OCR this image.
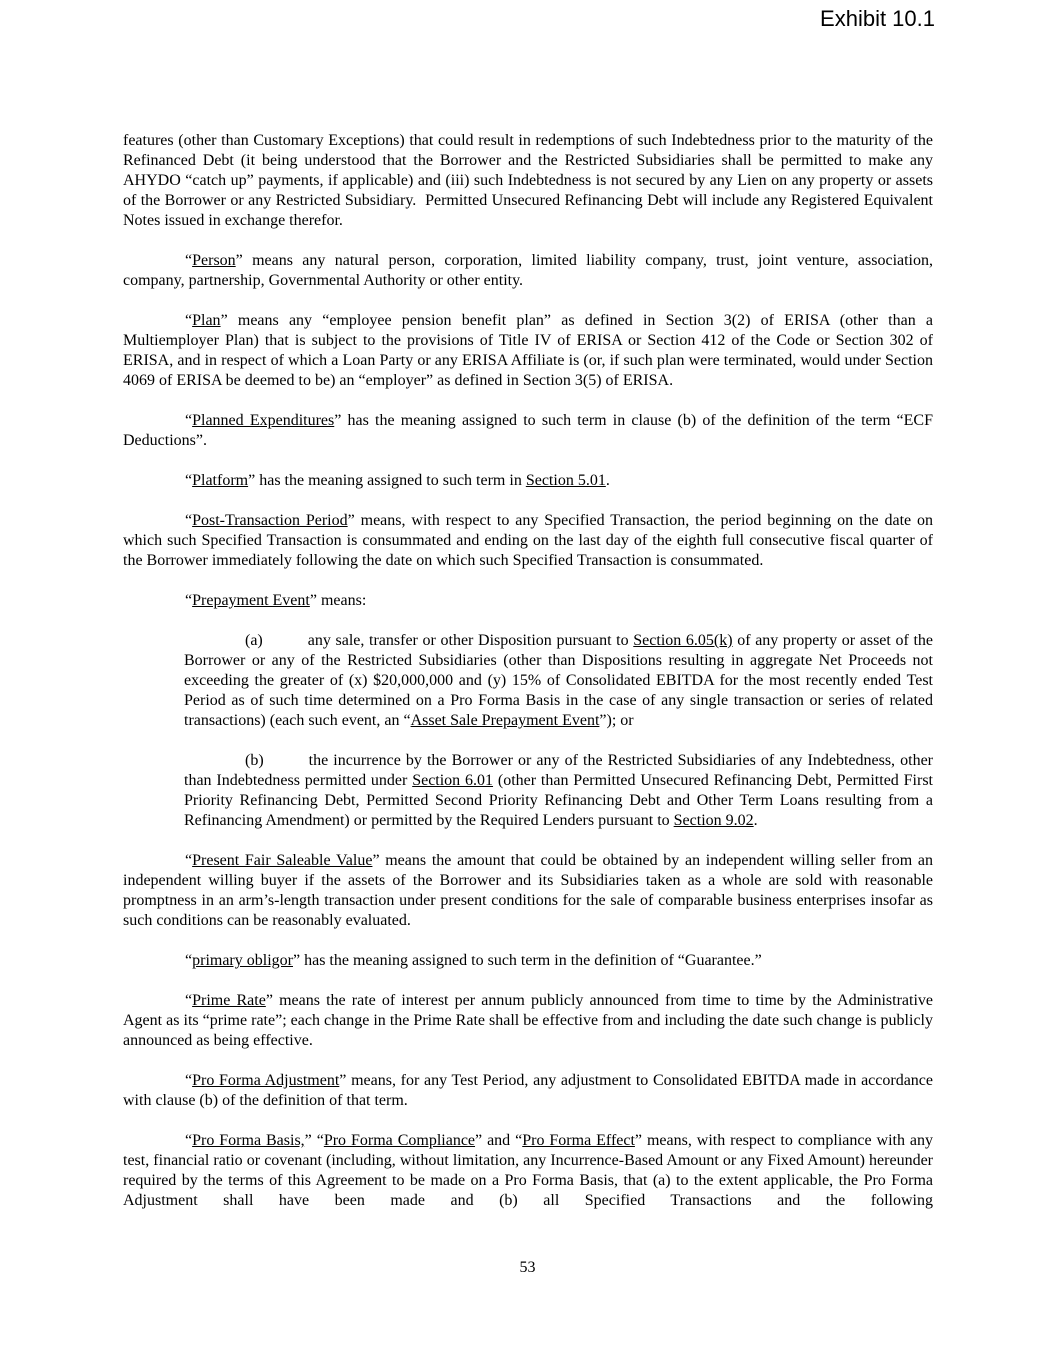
Exhibit 10.1

features (other than Customary Exceptions) that could result in redemptions of such Indebtedness prior to the maturity of the Refinanced Debt (it being understood that the Borrower and the Restricted Subsidiaries shall be permitted to make any AHYDO “catch up” payments, if applicable) and (iii) such Indebtedness is not secured by any Lien on any property or assets of the Borrower or any Restricted Subsidiary.  Permitted Unsecured Refinancing Debt will include any Registered Equivalent Notes issued in exchange therefor.

“Person” means any natural person, corporation, limited liability company, trust, joint venture, association, company, partnership, Governmental Authority or other entity.

“Plan” means any “employee pension benefit plan” as defined in Section 3(2) of ERISA (other than a Multiemployer Plan) that is subject to the provisions of Title IV of ERISA or Section 412 of the Code or Section 302 of ERISA, and in respect of which a Loan Party or any ERISA Affiliate is (or, if such plan were terminated, would under Section 4069 of ERISA be deemed to be) an “employer” as defined in Section 3(5) of ERISA.

“Planned Expenditures” has the meaning assigned to such term in clause (b) of the definition of the term “ECF Deductions”.

“Platform” has the meaning assigned to such term in Section 5.01.

“Post-Transaction Period” means, with respect to any Specified Transaction, the period beginning on the date on which such Specified Transaction is consummated and ending on the last day of the eighth full consecutive fiscal quarter of the Borrower immediately following the date on which such Specified Transaction is consummated.

“Prepayment Event” means:

(a)	any sale, transfer or other Disposition pursuant to Section 6.05(k) of any property or asset of the Borrower or any of the Restricted Subsidiaries (other than Dispositions resulting in aggregate Net Proceeds not exceeding the greater of (x) $20,000,000 and (y) 15% of Consolidated EBITDA for the most recently ended Test Period as of such time determined on a Pro Forma Basis in the case of any single transaction or series of related transactions) (each such event, an “Asset Sale Prepayment Event”); or

(b)	the incurrence by the Borrower or any of the Restricted Subsidiaries of any Indebtedness, other than Indebtedness permitted under Section 6.01 (other than Permitted Unsecured Refinancing Debt, Permitted First Priority Refinancing Debt, Permitted Second Priority Refinancing Debt and Other Term Loans resulting from a Refinancing Amendment) or permitted by the Required Lenders pursuant to Section 9.02.

“Present Fair Saleable Value” means the amount that could be obtained by an independent willing seller from an independent willing buyer if the assets of the Borrower and its Subsidiaries taken as a whole are sold with reasonable promptness in an arm’s-length transaction under present conditions for the sale of comparable business enterprises insofar as such conditions can be reasonably evaluated.

“primary obligor” has the meaning assigned to such term in the definition of “Guarantee.”

“Prime Rate” means the rate of interest per annum publicly announced from time to time by the Administrative Agent as its “prime rate”; each change in the Prime Rate shall be effective from and including the date such change is publicly announced as being effective.

“Pro Forma Adjustment” means, for any Test Period, any adjustment to Consolidated EBITDA made in accordance with clause (b) of the definition of that term.

“Pro Forma Basis,” “Pro Forma Compliance” and “Pro Forma Effect” means, with respect to compliance with any test, financial ratio or covenant (including, without limitation, any Incurrence-Based Amount or any Fixed Amount) hereunder required by the terms of this Agreement to be made on a Pro Forma Basis, that (a) to the extent applicable, the Pro Forma Adjustment shall have been made and (b) all Specified Transactions and the following

53
